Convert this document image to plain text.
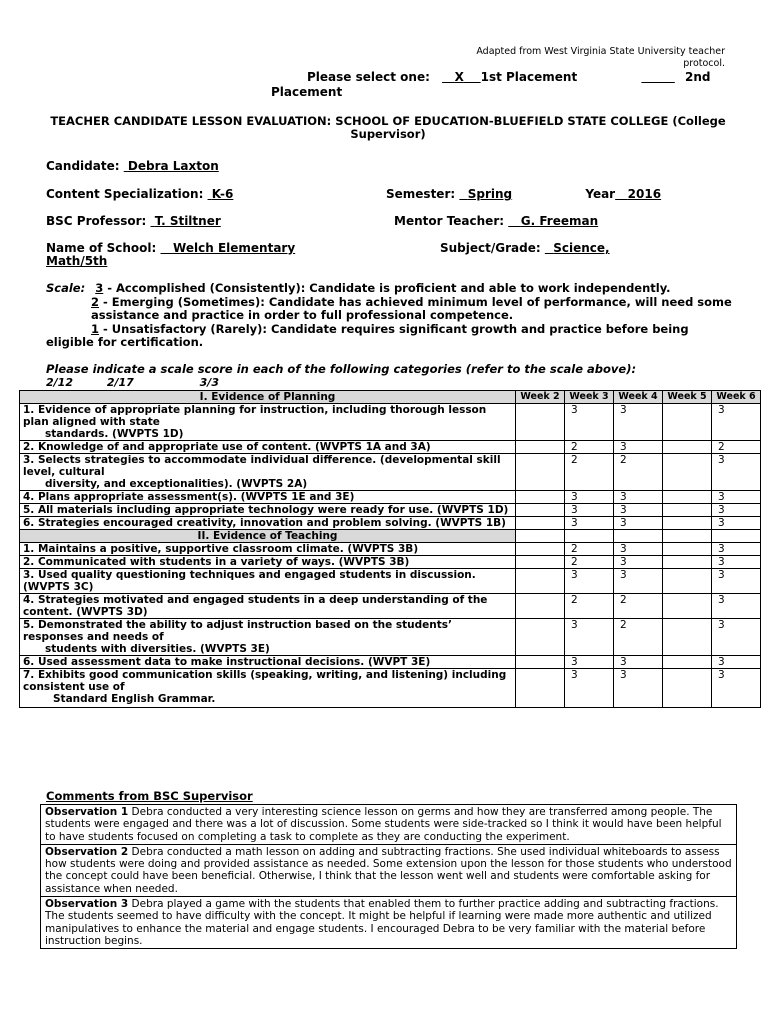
Adapted from West Virginia State University teacher
protocol.
Please select one: X 1st Placement	2nd
Placement
TEACHER CANDIDATE LESSON EVALUATION: SCHOOL OF EDUCATION-BLUEFIELD STATE COLLEGE (College Supervisor)
Candidate: Debra Laxton
Content Specialization: K-6	Semester: Spring	Year 2016
BSC Professor: T. Stiltner	Mentor Teacher: G. Freeman
Name of School: Welch Elementary	Subject/Grade: Science,
Math/5th
Scale: 3 - Accomplished (Consistently): Candidate is proficient and able to work independently.

2 - Emerging (Sometimes): Candidate has achieved minimum level of performance, will need some
assistance and practice in order to full professional competence.
1 - Unsatisfactory (Rarely): Candidate requires significant growth and practice before being
eligible for certification.
Please indicate a scale score in each of the following categories (refer to the scale above):
2/12	2/17	3/3
I. Evidence of Planning	Week 2	Week 3	Week 4	Week 5	Week 6
1. Evidence of appropriate planning for instruction, including thorough lesson plan aligned with state
standards. (WVPTS 1D)		3	3		3
2. Knowledge of and appropriate use of content. (WVPTS 1A and 3A)		2	3		2
3. Selects strategies to accommodate individual difference. (developmental skill level, cultural
diversity, and exceptionalities). (WVPTS 2A)		2	2		3
4. Plans appropriate assessment(s). (WVPTS 1E and 3E)		3	3		3
5. All materials including appropriate technology were ready for use. (WVPTS 1D)		3	3		3
6. Strategies encouraged creativity, innovation and problem solving. (WVPTS 1B)		3	3		3
II. Evidence of Teaching					
1. Maintains a positive, supportive classroom climate. (WVPTS 3B)		2	3		3
2. Communicated with students in a variety of ways. (WVPTS 3B)		2	3		3
3. Used quality questioning techniques and engaged students in discussion. (WVPTS 3C)		3	3		3
4. Strategies motivated and engaged students in a deep understanding of the content. (WVPTS 3D)		2	2		3
5. Demonstrated the ability to adjust instruction based on the students’ responses and needs of
students with diversities. (WVPTS 3E)		3	2		3
6. Used assessment data to make instructional decisions. (WVPT 3E)		3	3		3
7. Exhibits good communication skills (speaking, writing, and listening) including consistent use of
Standard English Grammar.		3	3		3
Comments from BSC Supervisor
Observation 1 Debra conducted a very interesting science lesson on germs and how they are transferred among people. The students were engaged and there was a lot of discussion. Some students were side-tracked so I think it would have been helpful to have students focused on completing a task to complete as they are conducting the experiment.
Observation 2 Debra conducted a math lesson on adding and subtracting fractions. She used individual whiteboards to assess how students were doing and provided assistance as needed. Some extension upon the lesson for those students who understood the concept could have been beneficial. Otherwise, I think that the lesson went well and students were comfortable asking for assistance when needed.
Observation 3 Debra played a game with the students that enabled them to further practice adding and subtracting fractions. The students seemed to have difficulty with the concept. It might be helpful if learning were made more authentic and utilized manipulatives to enhance the material and engage students. I encouraged Debra to be very familiar with the material before instruction begins.
